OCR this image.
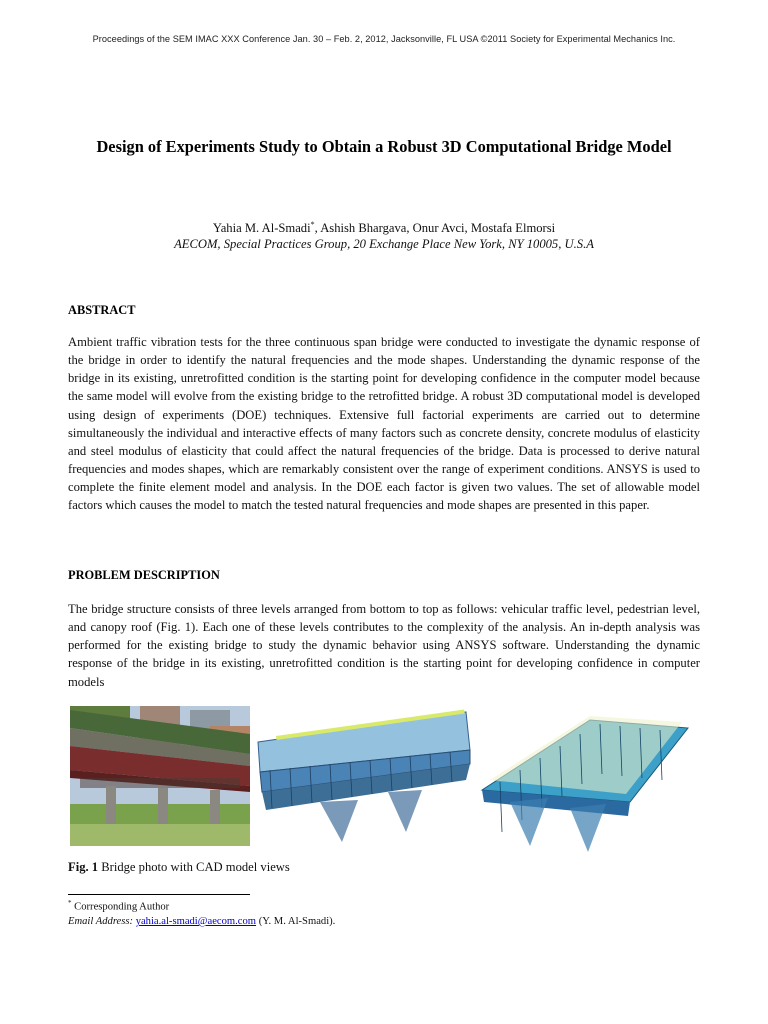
Proceedings of the SEM IMAC XXX Conference Jan. 30 – Feb. 2, 2012, Jacksonville, FL USA ©2011 Society for Experimental Mechanics Inc.
Design of Experiments Study to Obtain a Robust 3D Computational Bridge Model
Yahia M. Al-Smadi*, Ashish Bhargava, Onur Avci, Mostafa Elmorsi
AECOM, Special Practices Group, 20 Exchange Place New York, NY 10005, U.S.A
ABSTRACT

Ambient traffic vibration tests for the three continuous span bridge were conducted to investigate the dynamic response of the bridge in order to identify the natural frequencies and the mode shapes. Understanding the dynamic response of the bridge in its existing, unretrofitted condition is the starting point for developing confidence in the computer model because the same model will evolve from the existing bridge to the retrofitted bridge. A robust 3D computational model is developed using design of experiments (DOE) techniques. Extensive full factorial experiments are carried out to determine simultaneously the individual and interactive effects of many factors such as concrete density, concrete modulus of elasticity and steel modulus of elasticity that could affect the natural frequencies of the bridge. Data is processed to derive natural frequencies and modes shapes, which are remarkably consistent over the range of experiment conditions. ANSYS is used to complete the finite element model and analysis. In the DOE each factor is given two values. The set of allowable model factors which causes the model to match the tested natural frequencies and mode shapes are presented in this paper.

PROBLEM DESCRIPTION

The bridge structure consists of three levels arranged from bottom to top as follows: vehicular traffic level, pedestrian level, and canopy roof (Fig. 1). Each one of these levels contributes to the complexity of the analysis. An in-depth analysis was performed for the existing bridge to study the dynamic behavior using ANSYS software. Understanding the dynamic response of the bridge in its existing, unretrofitted condition is the starting point for developing confidence in computer models

Fig. 1 Bridge photo with CAD model views
* Corresponding Author
Email Address: yahia.al-smadi@aecom.com (Y. M. Al-Smadi).
